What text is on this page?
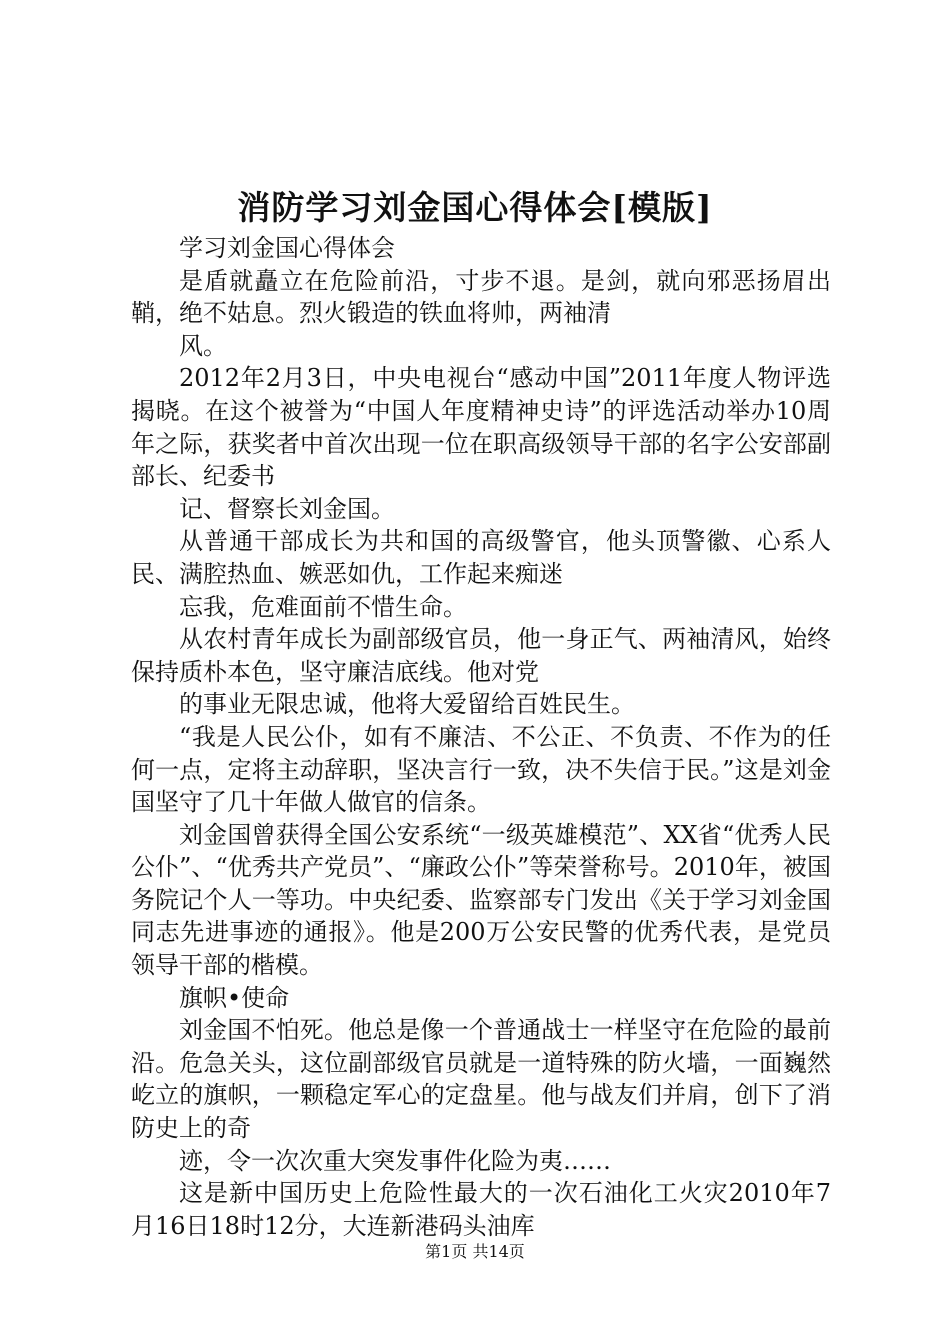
消防学习刘金国心得体会[模版]

学习刘金国心得体会

是盾就矗立在危险前沿，寸步不退。是剑，就向邪恶扬眉出鞘，绝不姑息。烈火锻造的铁血将帅，两袖清

风。

2012年2月3日，中央电视台“感动中国”2011年度人物评选揭晓。在这个被誉为“中国人年度精神史诗”的评选活动举办10周年之际，获奖者中首次出现一位在职高级领导干部的名字公安部副部长、纪委书

记、督察长刘金国。

从普通干部成长为共和国的高级警官，他头顶警徽、心系人民、满腔热血、嫉恶如仇，工作起来痴迷

忘我，危难面前不惜生命。

从农村青年成长为副部级官员，他一身正气、两袖清风，始终保持质朴本色，坚守廉洁底线。他对党

的事业无限忠诚，他将大爱留给百姓民生。

“我是人民公仆，如有不廉洁、不公正、不负责、不作为的任何一点，定将主动辞职，坚决言行一致，决不失信于民。”这是刘金国坚守了几十年做人做官的信条。

刘金国曾获得全国公安系统“一级英雄模范”、XX省“优秀人民公仆”、“优秀共产党员”、“廉政公仆”等荣誉称号。2010年，被国务院记个人一等功。中央纪委、监察部专门发出《关于学习刘金国同志先进事迹的通报》。他是200万公安民警的优秀代表，是党员领导干部的楷模。

旗帜•使命

刘金国不怕死。他总是像一个普通战士一样坚守在危险的最前沿。危急关头，这位副部级官员就是一道特殊的防火墙，一面巍然屹立的旗帜，一颗稳定军心的定盘星。他与战友们并肩，创下了消防史上的奇

迹，令一次次重大突发事件化险为夷……

这是新中国历史上危险性最大的一次石油化工火灾2010年7月16日18时12分，大连新港码头油库

第1页 共14页
